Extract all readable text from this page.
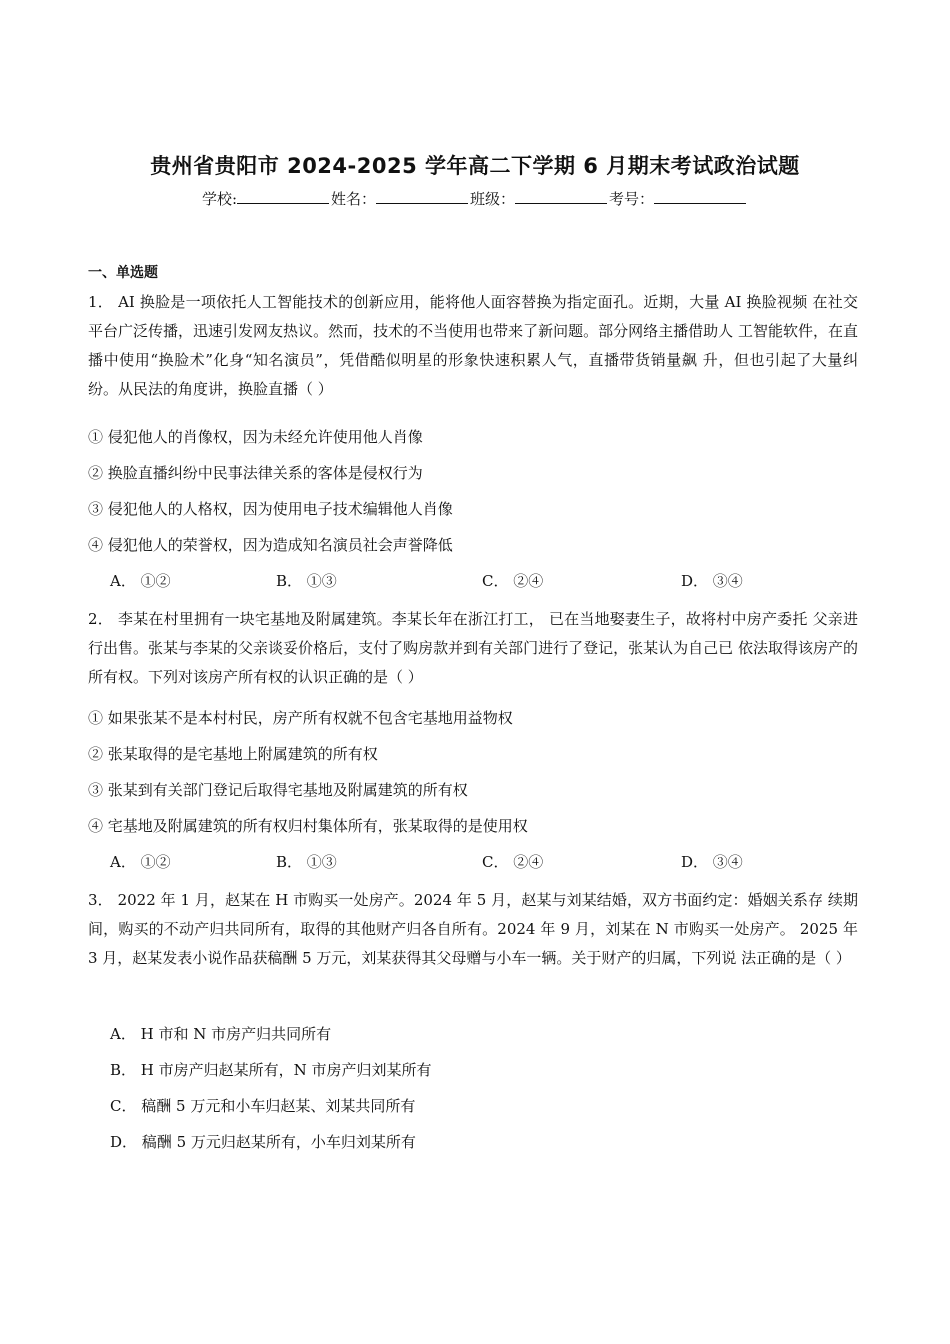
贵州省贵阳市 2024-2025 学年高二下学期 6 月期末考试政治试题
学校:	姓名：	班级：	考号：
一、单选题
1． AI 换脸是一项依托人工智能技术的创新应用，能将他人面容替换为指定面孔。近期，大量 AI 换脸视频 在社交平台广泛传播，迅速引发网友热议。然而，技术的不当使用也带来了新问题。部分网络主播借助人 工智能软件，在直播中使用“换脸术”化身“知名演员”，凭借酷似明星的形象快速积累人气，直播带货销量飙 升，但也引起了大量纠纷。从民法的角度讲，换脸直播（ ）
① 侵犯他人的肖像权，因为未经允许使用他人肖像
② 换脸直播纠纷中民事法律关系的客体是侵权行为
③ 侵犯他人的人格权，因为使用电子技术编辑他人肖像
④ 侵犯他人的荣誉权，因为造成知名演员社会声誉降低
A． ①②	B． ①③	C． ②④	D． ③④
2． 李某在村里拥有一块宅基地及附属建筑。李某长年在浙江打工， 已在当地娶妻生子，故将村中房产委托 父亲进行出售。张某与李某的父亲谈妥价格后，支付了购房款并到有关部门进行了登记，张某认为自己已 依法取得该房产的所有权。下列对该房产所有权的认识正确的是（ ）
① 如果张某不是本村村民，房产所有权就不包含宅基地用益物权
② 张某取得的是宅基地上附属建筑的所有权
③ 张某到有关部门登记后取得宅基地及附属建筑的所有权
④ 宅基地及附属建筑的所有权归村集体所有，张某取得的是使用权
A． ①②	B． ①③	C． ②④	D． ③④
3． 2022 年 1 月，赵某在 H 市购买一处房产。2024 年 5 月，赵某与刘某结婚，双方书面约定：婚姻关系存 续期间，购买的不动产归共同所有，取得的其他财产归各自所有。2024 年 9 月，刘某在 N 市购买一处房产。 2025 年 3 月，赵某发表小说作品获稿酬 5 万元，刘某获得其父母赠与小车一辆。关于财产的归属，下列说 法正确的是（ ）
A． H 市和 N 市房产归共同所有
B． H 市房产归赵某所有，N 市房产归刘某所有
C． 稿酬 5 万元和小车归赵某、刘某共同所有
D． 稿酬 5 万元归赵某所有，小车归刘某所有
